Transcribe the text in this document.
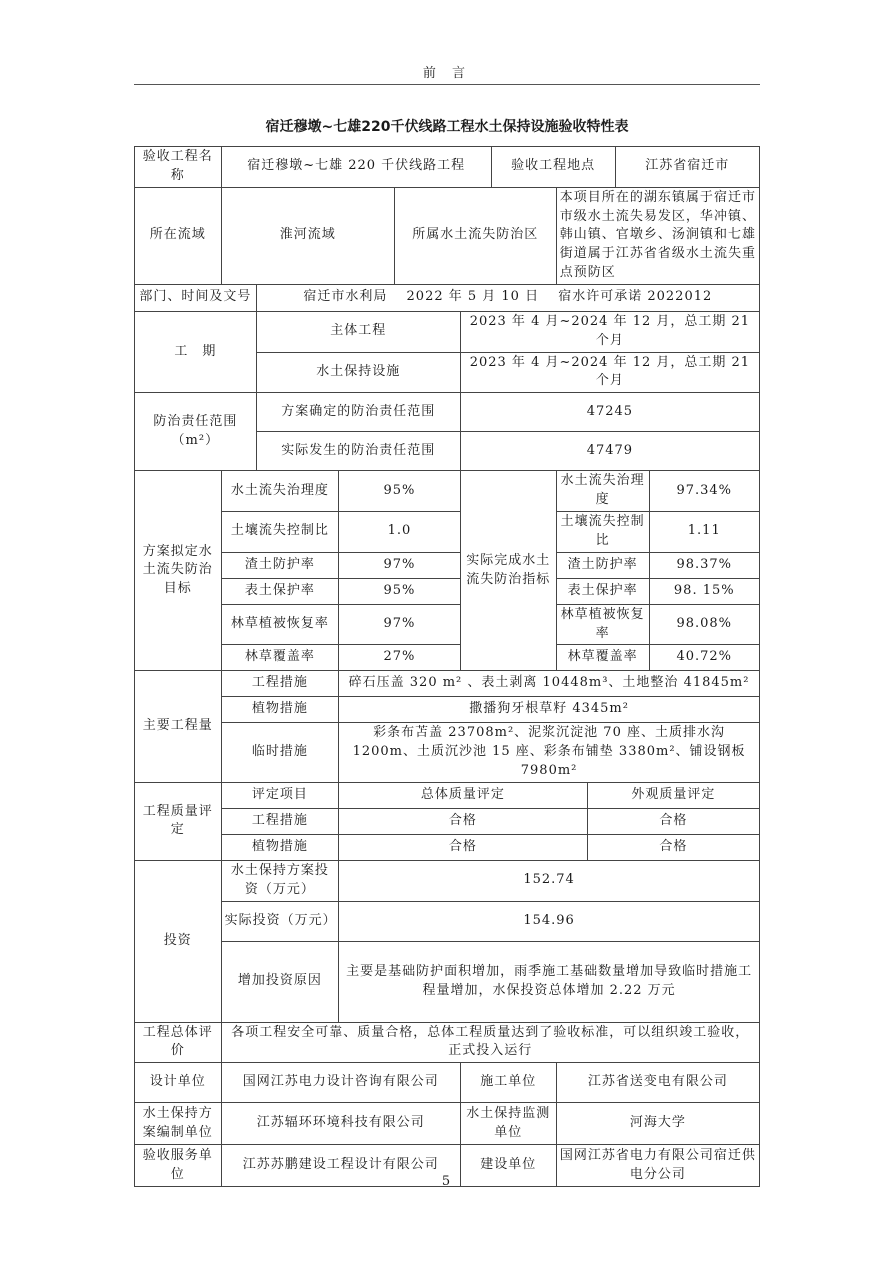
前 言
宿迁穆墩~七雄220千伏线路工程水土保持设施验收特性表
验收工程名称	宿迁穆墩~七雄 220 千伏线路工程					验收工程地点			江苏省宿迁市	
所在流域	淮河流域			所属水土流失防治区			本项目所在的湖东镇属于宿迁市市级水土流失易发区，华冲镇、韩山镇、官墩乡、汤涧镇和七雄街道属于江苏省省级水土流失重点预防区			
部门、时间及文号		宿迁市水利局  2022 年 5 月 10 日  宿水许可承诺 2022012								
工　期		主体工程			2023 年 4 月~2024 年 12 月，总工期 21 个月					
		水土保持设施			2023 年 4 月~2024 年 12 月，总工期 21 个月					
防治责任范围（m²）		方案确定的防治责任范围			47245					
		实际发生的防治责任范围			47479					
方案拟定水土流失防治目标	水土流失治理度		95%		实际完成水土流失防治指标		水土流失治理度			97.34%
	土壤流失控制比		1.0				土壤流失控制比			1.11
	渣土防护率		97%				渣土防护率			98.37%
	表土保护率		95%				表土保护率			98. 15%
	林草植被恢复率		97%				林草植被恢复率			98.08%
	林草覆盖率		27%				林草覆盖率			40.72%
主要工程量	工程措施		碎石压盖 320 m² 、表土剥离 10448m³、土地整治 41845m²							
	植物措施		撒播狗牙根草籽 4345m²							
	临时措施		彩条布苫盖 23708m²、泥浆沉淀池 70 座、土质排水沟 1200m、土质沉沙池 15 座、彩条布铺垫 3380m²、铺设钢板 7980m²							
工程质量评定	评定项目		总体质量评定					外观质量评定		
	工程措施		合格					合格		
	植物措施		合格					合格		
投资	水土保持方案投资（万元）		152.74							
	实际投资（万元）		154.96							
	增加投资原因		主要是基础防护面积增加，雨季施工基础数量增加导致临时措施工程量增加，水保投资总体增加 2.22 万元							
工程总体评价	各项工程安全可靠、质量合格，总体工程质量达到了验收标准，可以组织竣工验收，正式投入运行									
设计单位	国网江苏电力设计咨询有限公司				施工单位		江苏省送变电有限公司			
水土保持方案编制单位	江苏辐环环境科技有限公司				水土保持监测单位		河海大学			
验收服务单位	江苏苏鹏建设工程设计有限公司				建设单位		国网江苏省电力有限公司宿迁供电分公司			
5
